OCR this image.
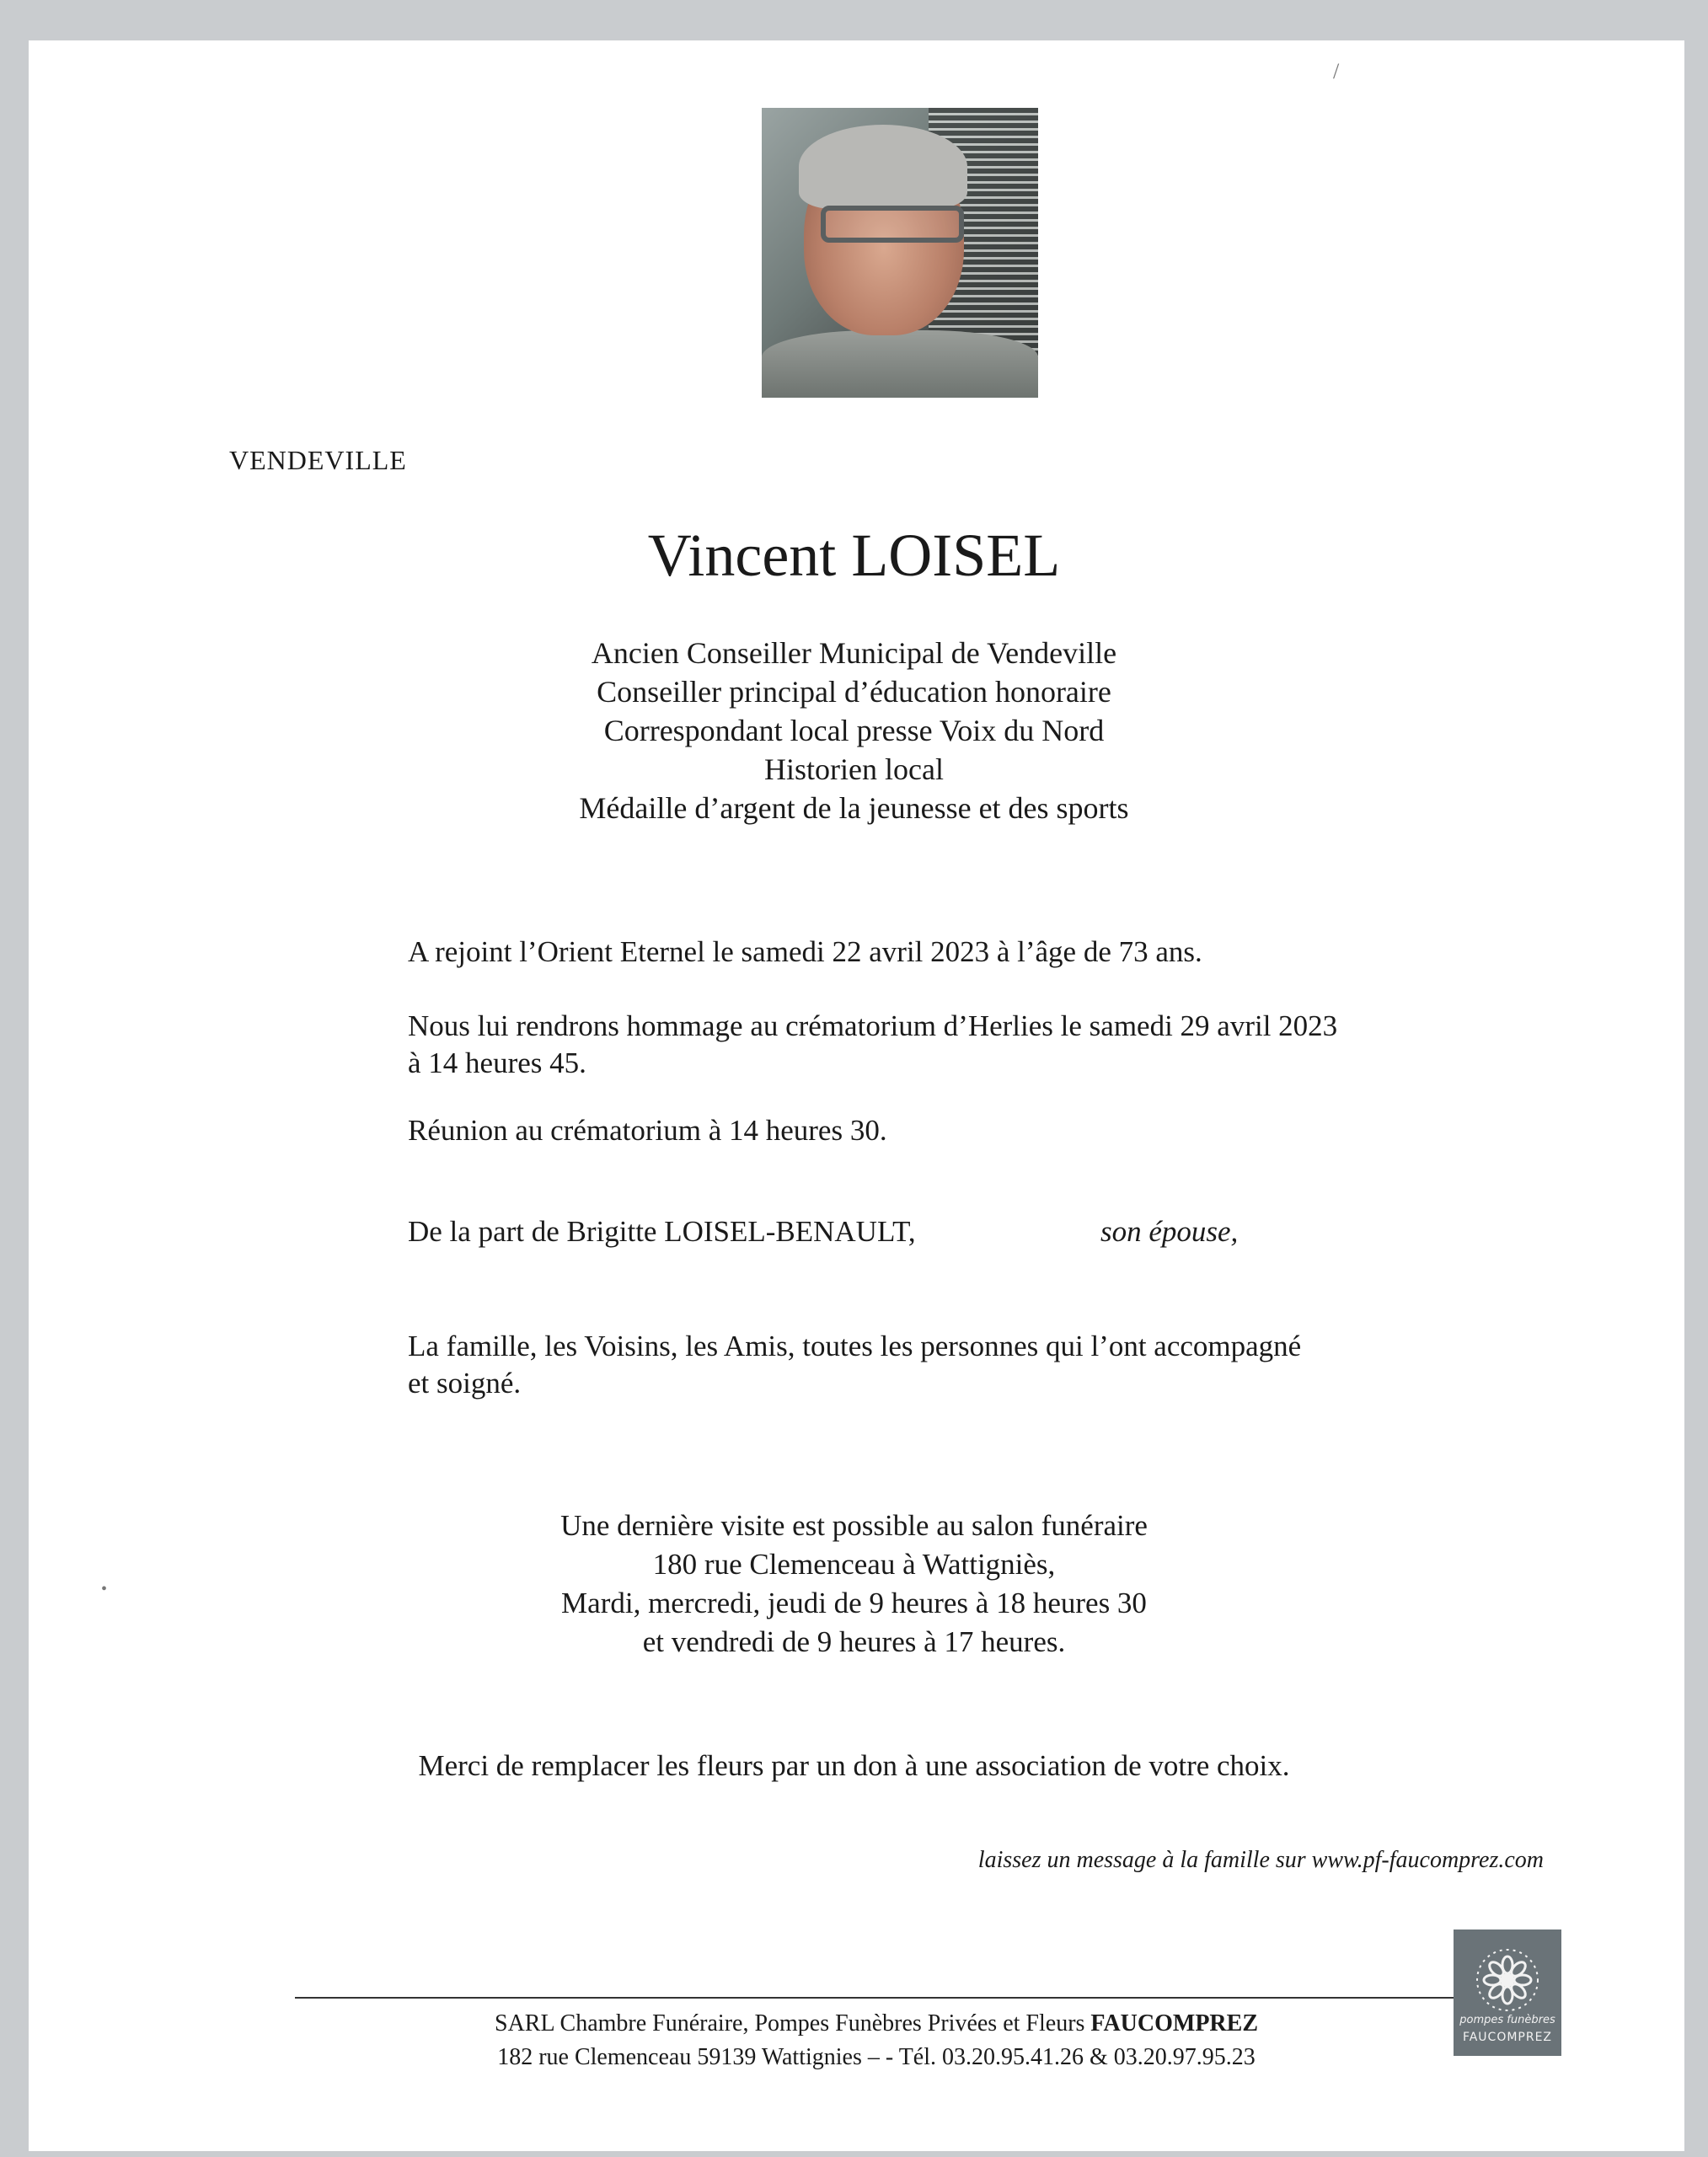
VENDEVILLE
Vincent LOISEL
Ancien Conseiller Municipal de Vendeville
Conseiller principal d’éducation honoraire
Correspondant local presse Voix du Nord
Historien local
Médaille d’argent de la jeunesse et des sports
A rejoint l’Orient Eternel le samedi 22 avril 2023 à l’âge de 73 ans.
Nous lui rendrons hommage au crématorium d’Herlies le samedi 29 avril 2023
à 14 heures 45.
Réunion au crématorium à 14 heures 30.
De la part de Brigitte LOISEL-BENAULT,	son épouse,
La famille, les Voisins, les Amis, toutes les personnes qui l’ont accompagné
et soigné.
Une dernière visite est possible au salon funéraire
180 rue Clemenceau à Wattigniès,
Mardi, mercredi, jeudi de 9 heures à 18 heures 30
et vendredi de 9 heures à 17 heures.
Merci de remplacer les fleurs par un don à une association de votre choix.
laissez un message à la famille sur www.pf-faucomprez.com
SARL Chambre Funéraire, Pompes Funèbres Privées et Fleurs FAUCOMPREZ
182 rue Clemenceau 59139 Wattignies – - Tél. 03.20.95.41.26 & 03.20.97.95.23
pompes funèbres
FAUCOMPREZ
/
•
